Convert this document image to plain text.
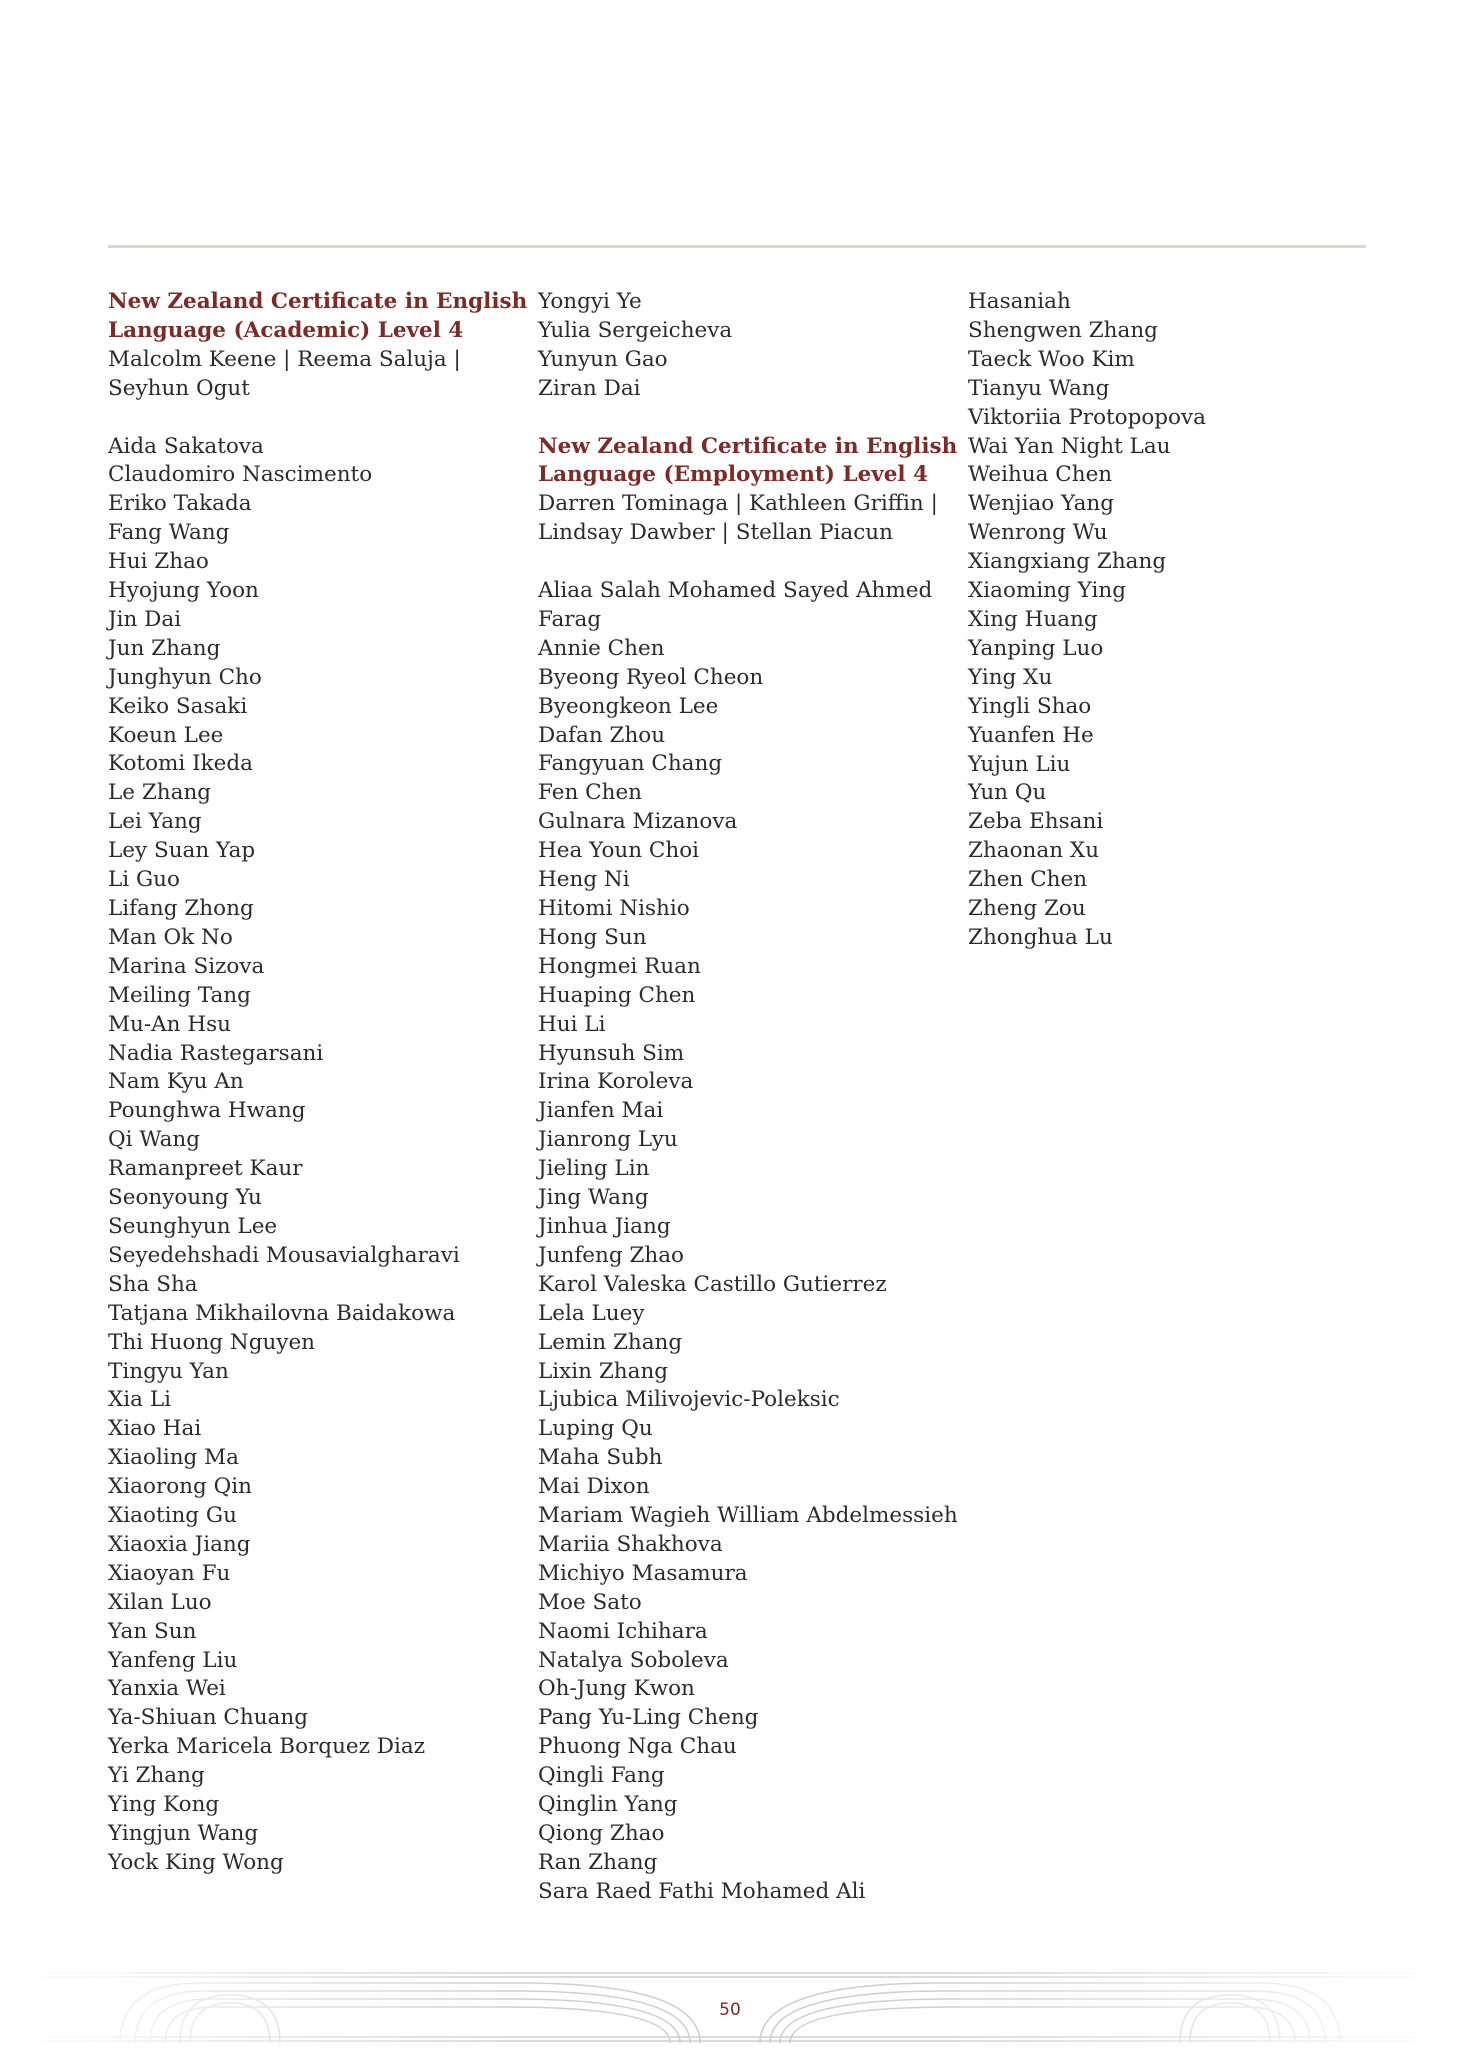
New Zealand Certificate in English Language (Academic) Level 4
Malcolm Keene | Reema Saluja | Seyhun Ogut
Aida Sakatova
Claudomiro Nascimento
Eriko Takada
Fang Wang
Hui Zhao
Hyojung Yoon
Jin Dai
Jun Zhang
Junghyun Cho
Keiko Sasaki
Koeun Lee
Kotomi Ikeda
Le Zhang
Lei Yang
Ley Suan Yap
Li Guo
Lifang Zhong
Man Ok No
Marina Sizova
Meiling Tang
Mu-An Hsu
Nadia Rastegarsani
Nam Kyu An
Pounghwa Hwang
Qi Wang
Ramanpreet Kaur
Seonyoung Yu
Seunghyun Lee
Seyedehshadi Mousavialgharavi
Sha Sha
Tatjana Mikhailovna Baidakowa
Thi Huong Nguyen
Tingyu Yan
Xia Li
Xiao Hai
Xiaoling Ma
Xiaorong Qin
Xiaoting Gu
Xiaoxia Jiang
Xiaoyan Fu
Xilan Luo
Yan Sun
Yanfeng Liu
Yanxia Wei
Ya-Shiuan Chuang
Yerka Maricela Borquez Diaz
Yi Zhang
Ying Kong
Yingjun Wang
Yock King Wong
Yongyi Ye
Yulia Sergeicheva
Yunyun Gao
Ziran Dai
New Zealand Certificate in English Language (Employment) Level 4
Darren Tominaga | Kathleen Griffin | Lindsay Dawber | Stellan Piacun
Aliaa Salah Mohamed Sayed Ahmed
Farag
Annie Chen
Byeong Ryeol Cheon
Byeongkeon Lee
Dafan Zhou
Fangyuan Chang
Fen Chen
Gulnara Mizanova
Hea Youn Choi
Heng Ni
Hitomi Nishio
Hong Sun
Hongmei Ruan
Huaping Chen
Hui Li
Hyunsuh Sim
Irina Koroleva
Jianfen Mai
Jianrong Lyu
Jieling Lin
Jing Wang
Jinhua Jiang
Junfeng Zhao
Karol Valeska Castillo Gutierrez
Lela Luey
Lemin Zhang
Lixin Zhang
Ljubica Milivojevic-Poleksic
Luping Qu
Maha Subh
Mai Dixon
Mariam Wagieh William Abdelmessieh
Mariia Shakhova
Michiyo Masamura
Moe Sato
Naomi Ichihara
Natalya Soboleva
Oh-Jung Kwon
Pang Yu-Ling Cheng
Phuong Nga Chau
Qingli Fang
Qinglin Yang
Qiong Zhao
Ran Zhang
Sara Raed Fathi Mohamed Ali
Hasaniah
Shengwen Zhang
Taeck Woo Kim
Tianyu Wang
Viktoriia Protopopova
Wai Yan Night Lau
Weihua Chen
Wenjiao Yang
Wenrong Wu
Xiangxiang Zhang
Xiaoming Ying
Xing Huang
Yanping Luo
Ying Xu
Yingli Shao
Yuanfen He
Yujun Liu
Yun Qu
Zeba Ehsani
Zhaonan Xu
Zhen Chen
Zheng Zou
Zhonghua Lu
50
